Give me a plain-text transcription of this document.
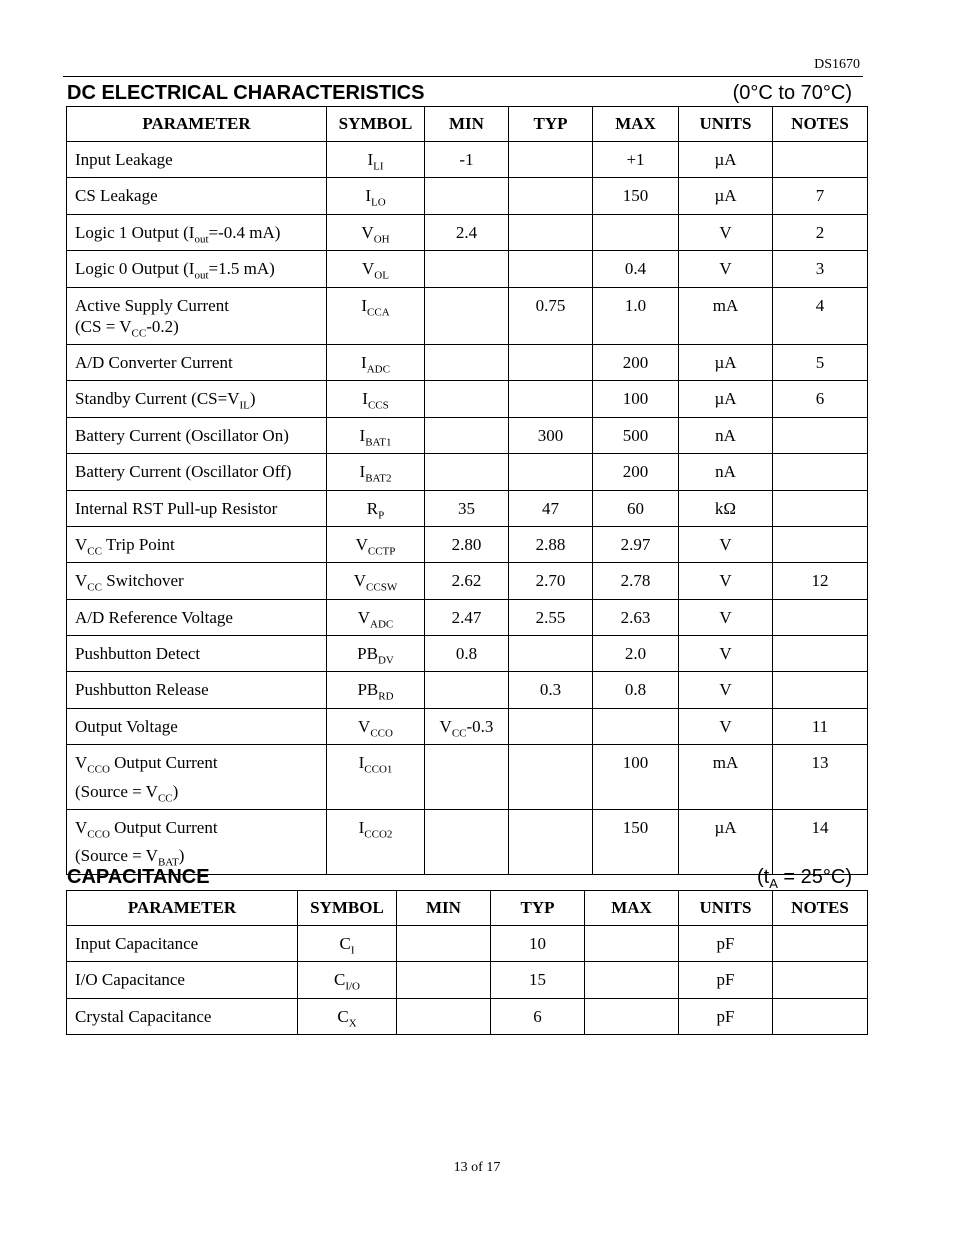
DS1670
DC ELECTRICAL CHARACTERISTICS	(0°C to 70°C)
PARAMETER	SYMBOL	MIN	TYP	MAX	UNITS	NOTES
Input Leakage	$I_{LI}$	-1		+1	µA	
CS Leakage	$I_{LO}$			150	µA	7
Logic 1 Output ($I_{out}=-0.4$ mA)	$V_{OH}$	2.4			V	2
Logic 0 Output ($I_{out}=1.5$ mA)	$V_{OL}$			0.4	V	3
Active Supply Current
$(CS = V_{CC}-0.2)$	$I_{CCA}$		0.75	1.0	mA	4
A/D Converter Current	$I_{ADC}$			200	µA	5
Standby Current $(CS=V_{IL})$	$I_{CCS}$			100	µA	6
Battery Current (Oscillator On)	$I_{BAT1}$		300	500	nA	
Battery Current (Oscillator Off)	$I_{BAT2}$			200	nA	
Internal RST Pull-up Resistor	$R_P$	35	47	60	kΩ	
$V_{CC}$ Trip Point	$V_{CCTP}$	2.80	2.88	2.97	V	
$V_{CC}$ Switchover	$V_{CCSW}$	2.62	2.70	2.78	V	12
A/D Reference Voltage	$V_{ADC}$	2.47	2.55	2.63	V	
Pushbutton Detect	$PB_{DV}$	0.8		2.0	V	
Pushbutton Release	$PB_{RD}$		0.3	0.8	V	
Output Voltage	$V_{CCO}$	$V_{CC}-0.3$			V	11
$V_{CCO}$ Output Current
(Source = $V_{CC}$)	$I_{CCO1}$			100	mA	13
$V_{CCO}$ Output Current
(Source = $V_{BAT}$)	$I_{CCO2}$			150	µA	14
CAPACITANCE	$(t_A = 25^\circ C)$
PARAMETER	SYMBOL	MIN	TYP	MAX	UNITS	NOTES
Input Capacitance	$C_I$		10		pF	
I/O Capacitance	$C_{I/O}$		15		pF	
Crystal Capacitance	$C_X$		6		pF	
13 of 17
